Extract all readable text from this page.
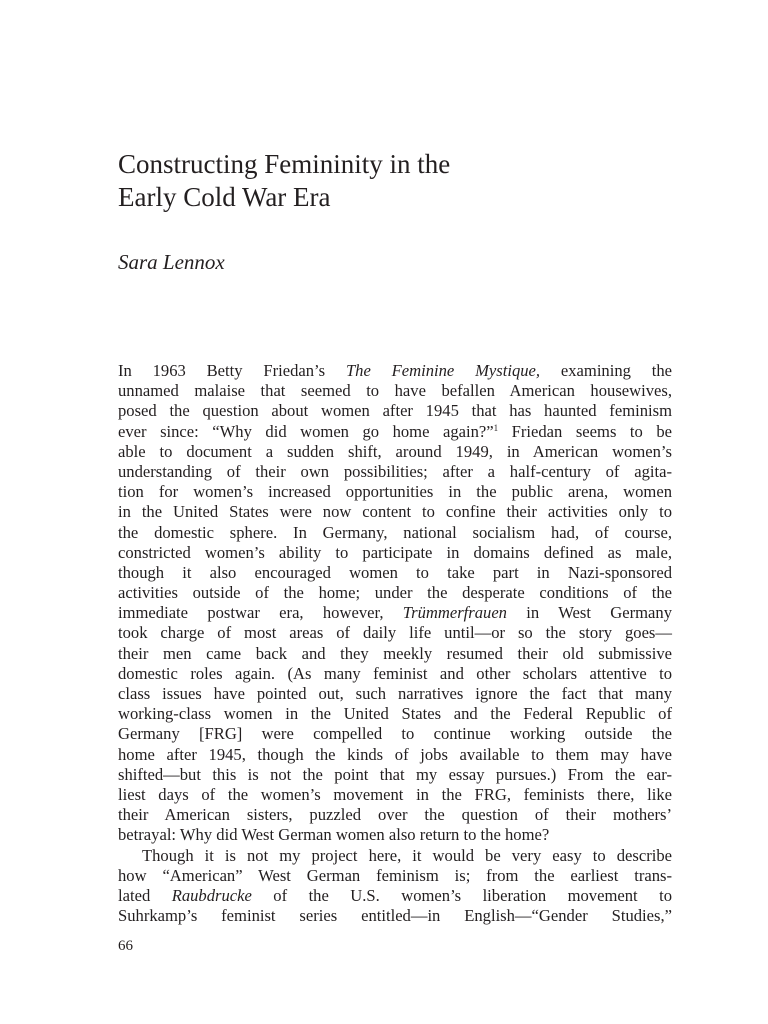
Constructing Femininity in the
Early Cold War Era

Sara Lennox

In 1963 Betty Friedan’s The Feminine Mystique, examining the
unnamed malaise that seemed to have befallen American housewives,
posed the question about women after 1945 that has haunted feminism
ever since: “Why did women go home again?”$^1$ Friedan seems to be
able to document a sudden shift, around 1949, in American women’s
understanding of their own possibilities; after a half-century of agita-
tion for women’s increased opportunities in the public arena, women
in the United States were now content to confine their activities only to
the domestic sphere. In Germany, national socialism had, of course,
constricted women’s ability to participate in domains defined as male,
though it also encouraged women to take part in Nazi-sponsored
activities outside of the home; under the desperate conditions of the
immediate postwar era, however, Trümmerfrauen in West Germany
took charge of most areas of daily life until—or so the story goes—
their men came back and they meekly resumed their old submissive
domestic roles again. (As many feminist and other scholars attentive to
class issues have pointed out, such narratives ignore the fact that many
working-class women in the United States and the Federal Republic of
Germany [FRG] were compelled to continue working outside the
home after 1945, though the kinds of jobs available to them may have
shifted—but this is not the point that my essay pursues.) From the ear-
liest days of the women’s movement in the FRG, feminists there, like
their American sisters, puzzled over the question of their mothers’
betrayal: Why did West German women also return to the home?
Though it is not my project here, it would be very easy to describe
how “American” West German feminism is; from the earliest trans-
lated Raubdrucke of the U.S. women’s liberation movement to
Suhrkamp’s feminist series entitled—in English—“Gender Studies,”
66
